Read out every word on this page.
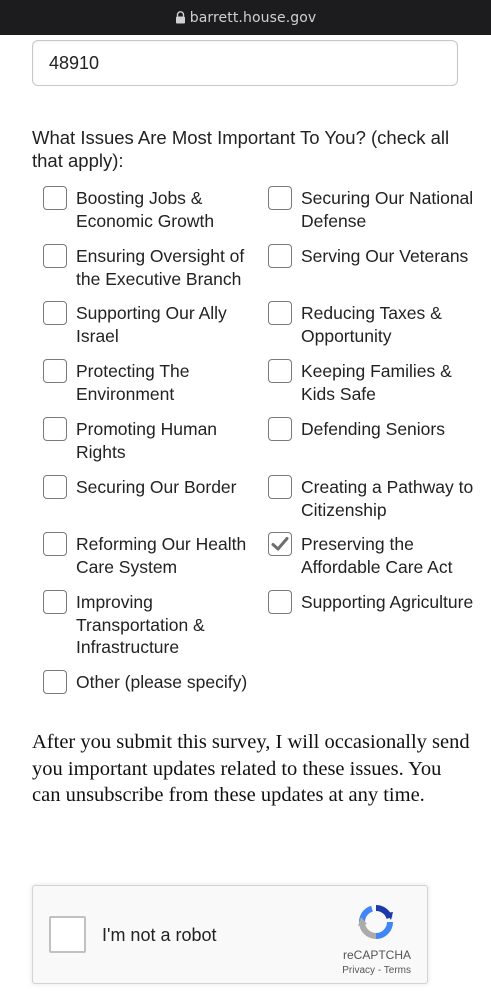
barrett.house.gov
48910
What Issues Are Most Important To You? (check all that apply):
Boosting Jobs & Economic Growth
Securing Our National Defense
Ensuring Oversight of the Executive Branch
Serving Our Veterans
Supporting Our Ally Israel
Reducing Taxes & Opportunity
Protecting The Environment
Keeping Families & Kids Safe
Promoting Human Rights
Defending Seniors
Securing Our Border	Creating a Pathway to Citizenship
Reforming Our Health Care System
Preserving the Affordable Care Act
Improving Transportation & Infrastructure
Supporting Agriculture
Other (please specify)
After you submit this survey, I will occasionally send you important updates related to these issues. You can unsubscribe from these updates at any time.
I'm not a robot
reCAPTCHA
Privacy - Terms
